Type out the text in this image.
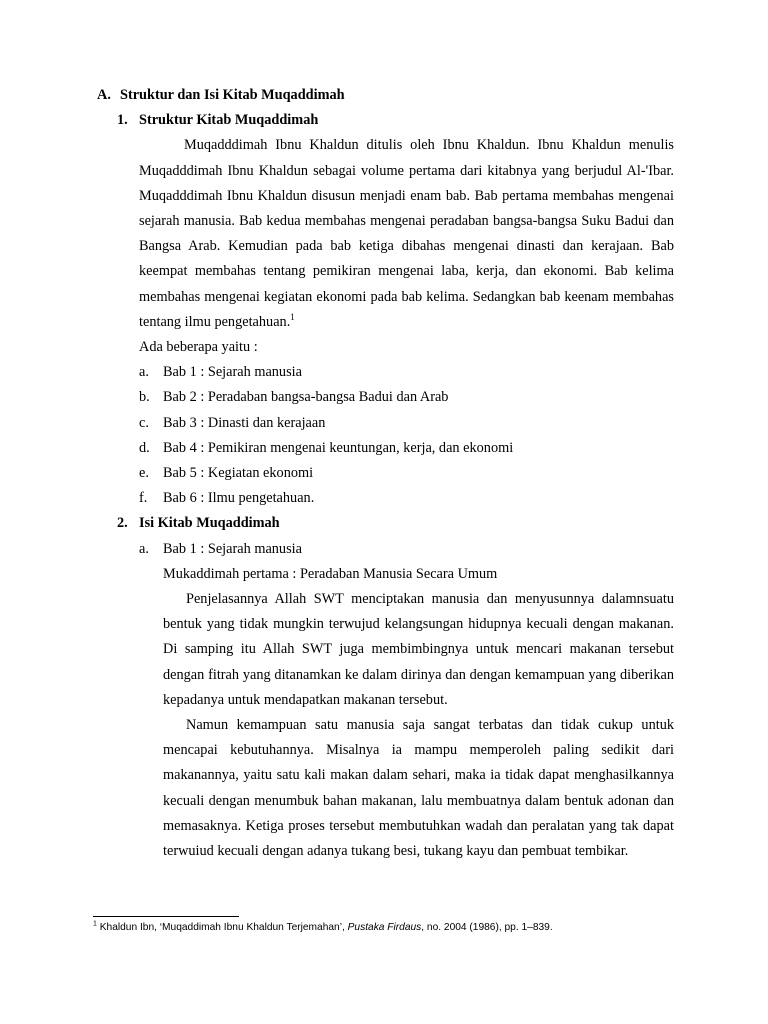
A. Struktur dan Isi Kitab Muqaddimah
1. Struktur Kitab Muqaddimah
Muqadddimah Ibnu Khaldun ditulis oleh Ibnu Khaldun. Ibnu Khaldun menulis Muqadddimah Ibnu Khaldun sebagai volume pertama dari kitabnya yang berjudul Al-'Ibar. Muqadddimah Ibnu Khaldun disusun menjadi enam bab. Bab pertama membahas mengenai sejarah manusia. Bab kedua membahas mengenai peradaban bangsa-bangsa Suku Badui dan Bangsa Arab. Kemudian pada bab ketiga dibahas mengenai dinasti dan kerajaan. Bab keempat membahas tentang pemikiran mengenai laba, kerja, dan ekonomi. Bab kelima membahas mengenai kegiatan ekonomi pada bab kelima. Sedangkan bab keenam membahas tentang ilmu pengetahuan.$^1$
Ada beberapa yaitu :
a. Bab 1 : Sejarah manusia
b. Bab 2 : Peradaban bangsa-bangsa Badui dan Arab
c. Bab 3 : Dinasti dan kerajaan
d. Bab 4 : Pemikiran mengenai keuntungan, kerja, dan ekonomi
e. Bab 5 : Kegiatan ekonomi
f. Bab 6 : Ilmu pengetahuan.
2. Isi Kitab Muqaddimah
a. Bab 1 : Sejarah manusia
Mukaddimah pertama : Peradaban Manusia Secara Umum
Penjelasannya Allah SWT menciptakan manusia dan menyusunnya dalamnsuatu bentuk yang tidak mungkin terwujud kelangsungan hidupnya kecuali dengan makanan. Di samping itu Allah SWT juga membimbingnya untuk mencari makanan tersebut dengan fitrah yang ditanamkan ke dalam dirinya dan dengan kemampuan yang diberikan kepadanya untuk mendapatkan makanan tersebut.
Namun kemampuan satu manusia saja sangat terbatas dan tidak cukup untuk mencapai kebutuhannya. Misalnya ia mampu memperoleh paling sedikit dari makanannya, yaitu satu kali makan dalam sehari, maka ia tidak dapat menghasilkannya kecuali dengan menumbuk bahan makanan, lalu membuatnya dalam bentuk adonan dan memasaknya. Ketiga proses tersebut membutuhkan wadah dan peralatan yang tak dapat terwuiud kecuali dengan adanya tukang besi, tukang kayu dan pembuat tembikar.
$^1$ Khaldun Ibn, ‘Muqaddimah Ibnu Khaldun Terjemahan’, Pustaka Firdaus, no. 2004 (1986), pp. 1–839.
